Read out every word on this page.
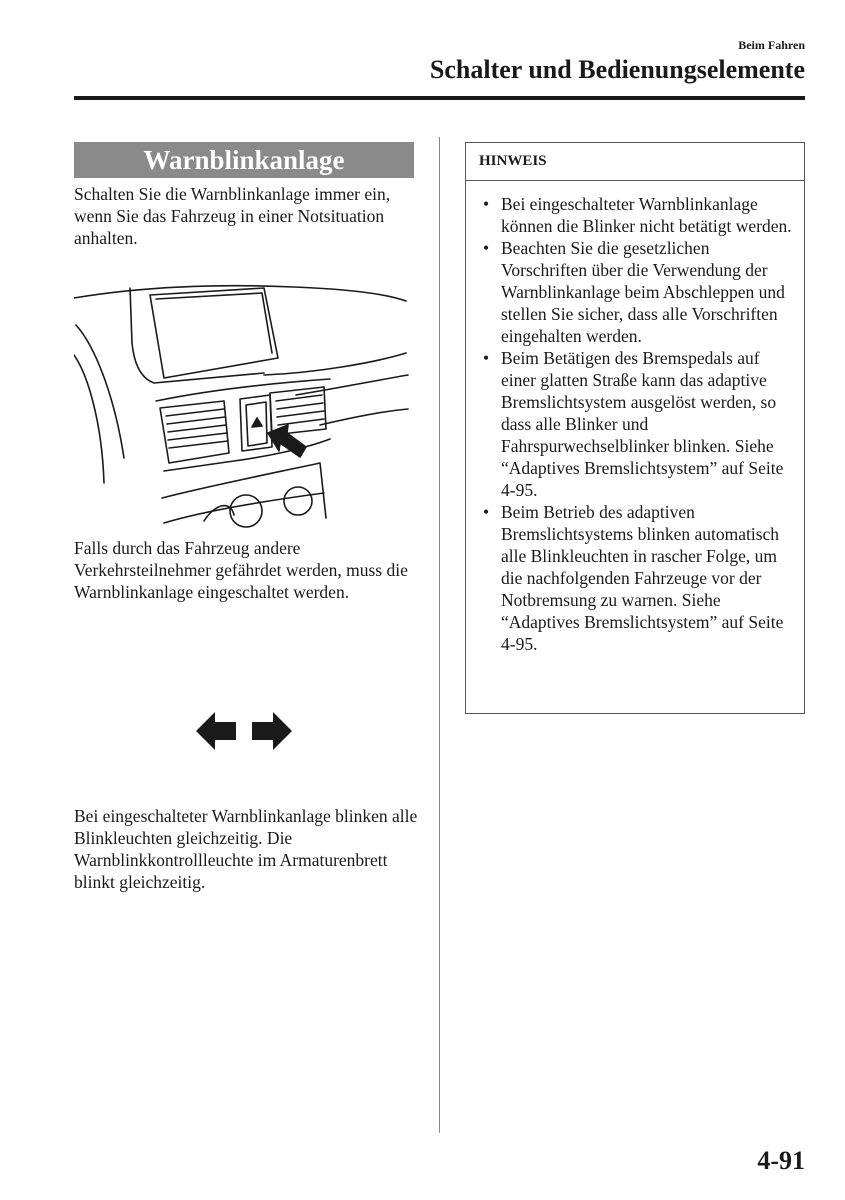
Beim Fahren
Schalter und Bedienungselemente
Warnblinkanlage

Schalten Sie die Warnblinkanlage immer ein, wenn Sie das Fahrzeug in einer Notsituation anhalten.

Falls durch das Fahrzeug andere Verkehrsteilnehmer gefährdet werden, muss die Warnblinkanlage eingeschaltet werden.

Bei eingeschalteter Warnblinkanlage blinken alle Blinkleuchten gleichzeitig. Die Warnblinkkontrollleuchte im Armaturenbrett blinkt gleichzeitig.

HINWEIS
• Bei eingeschalteter Warnblinkanlage können die Blinker nicht betätigt werden.
• Beachten Sie die gesetzlichen Vorschriften über die Verwendung der Warnblinkanlage beim Abschleppen und stellen Sie sicher, dass alle Vorschriften eingehalten werden.
• Beim Betätigen des Bremspedals auf einer glatten Straße kann das adaptive Bremslichtsystem ausgelöst werden, so dass alle Blinker und Fahrspurwechselblinker blinken. Siehe “Adaptives Bremslichtsystem” auf Seite 4-95.
• Beim Betrieb des adaptiven Bremslichtsystems blinken automatisch alle Blinkleuchten in rascher Folge, um die nachfolgenden Fahrzeuge vor der Notbremsung zu warnen. Siehe “Adaptives Bremslichtsystem” auf Seite 4-95.
4-91
